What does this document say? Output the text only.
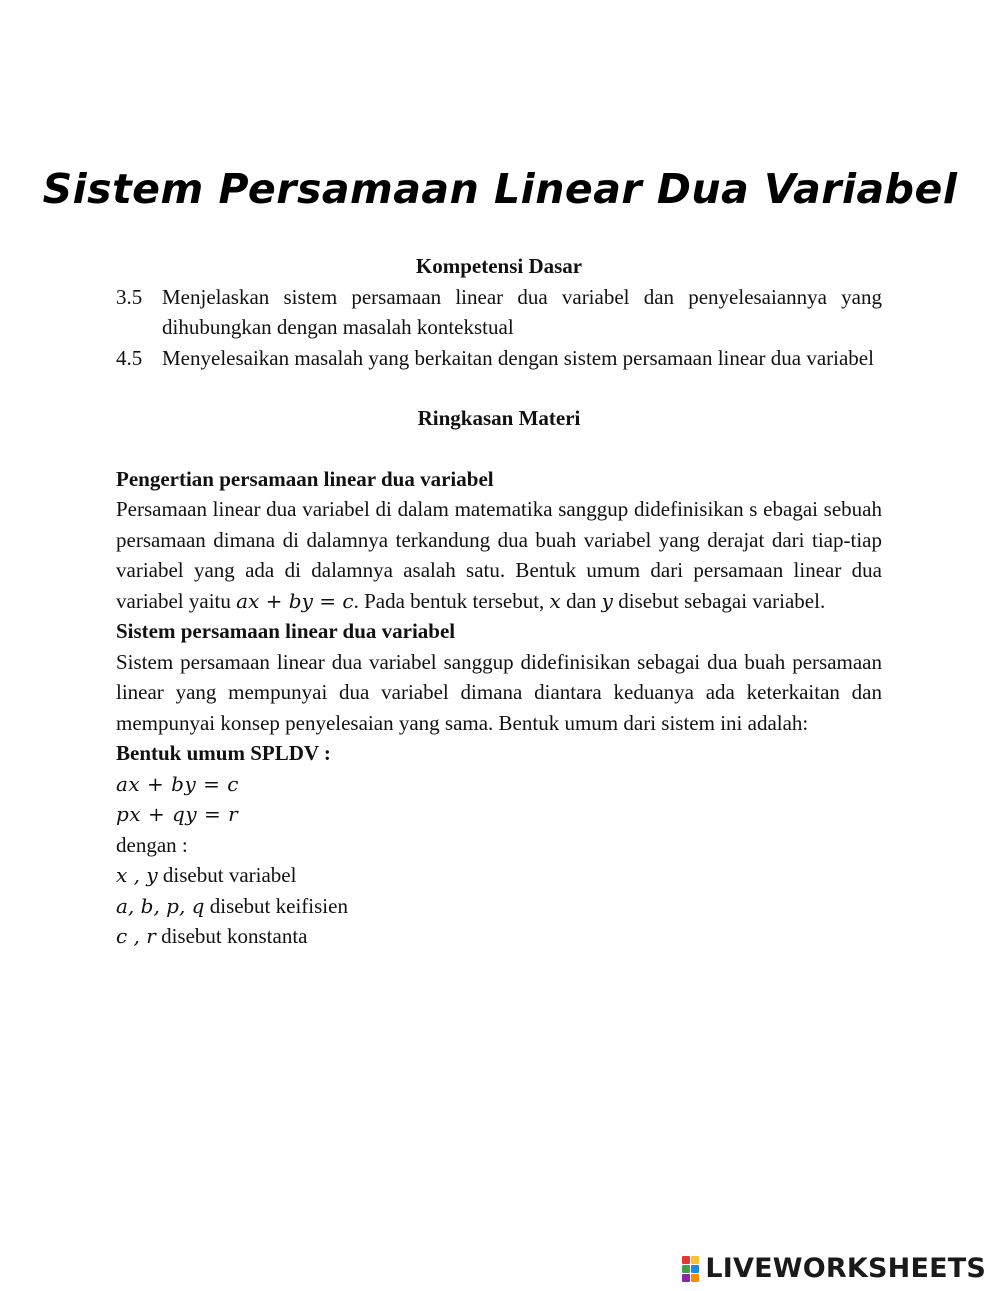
Sistem Persamaan Linear Dua Variabel
Kompetensi Dasar
3.5 Menjelaskan sistem persamaan linear dua variabel dan penyelesaiannya yang dihubungkan dengan masalah kontekstual
4.5 Menyelesaikan masalah yang berkaitan dengan sistem persamaan linear dua variabel
Ringkasan Materi
Pengertian persamaan linear dua variabel
Persamaan linear dua variabel di dalam matematika sanggup didefinisikan s ebagai sebuah persamaan dimana di dalamnya terkandung dua buah variabel yang derajat dari tiap-tiap variabel yang ada di dalamnya asalah satu. Bentuk umum dari persamaan linear dua variabel yaitu ax + by = c. Pada bentuk tersebut, x dan y disebut sebagai variabel.
Sistem persamaan linear dua variabel
Sistem persamaan linear dua variabel sanggup didefinisikan sebagai dua buah persamaan linear yang mempunyai dua variabel dimana diantara keduanya ada keterkaitan dan mempunyai konsep penyelesaian yang sama. Bentuk umum dari sistem ini adalah:
Bentuk umum SPLDV :
ax + by = c
px + qy = r
dengan :
x , y disebut variabel
a, b, p, q disebut keifisien
c , r disebut konstanta
LIVEWORKSHEETS
